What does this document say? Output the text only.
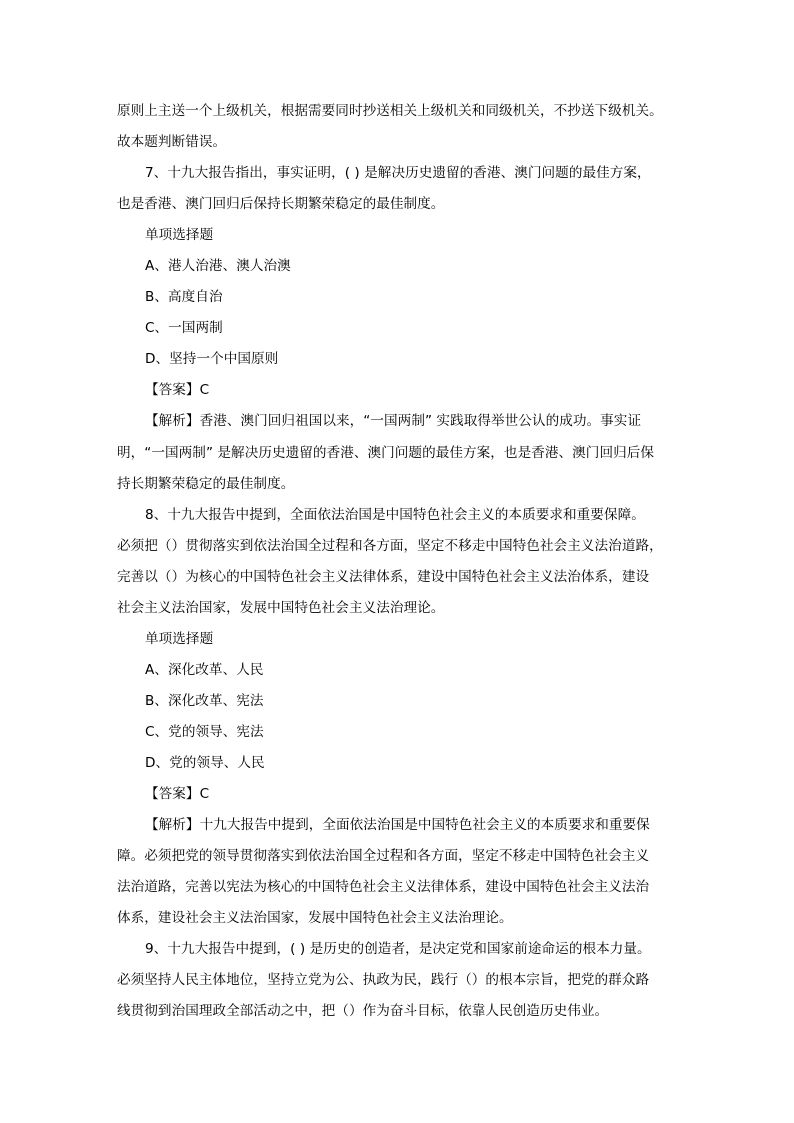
原则上主送一个上级机关，根据需要同时抄送相关上级机关和同级机关，不抄送下级机关。
故本题判断错误。
7、十九大报告指出，事实证明，( ) 是解决历史遗留的香港、澳门问题的最佳方案，
也是香港、澳门回归后保持长期繁荣稳定的最佳制度。
单项选择题
A、港人治港、澳人治澳
B、高度自治
C、一国两制
D、坚持一个中国原则
【答案】C
【解析】香港、澳门回归祖国以来，“一国两制” 实践取得举世公认的成功。事实证
明，“一国两制” 是解决历史遗留的香港、澳门问题的最佳方案，也是香港、澳门回归后保
持长期繁荣稳定的最佳制度。
8、十九大报告中提到，全面依法治国是中国特色社会主义的本质要求和重要保障。
必须把（）贯彻落实到依法治国全过程和各方面，坚定不移走中国特色社会主义法治道路，
完善以（）为核心的中国特色社会主义法律体系，建设中国特色社会主义法治体系，建设
社会主义法治国家，发展中国特色社会主义法治理论。
单项选择题
A、深化改革、人民
B、深化改革、宪法
C、党的领导、宪法
D、党的领导、人民
【答案】C
【解析】十九大报告中提到，全面依法治国是中国特色社会主义的本质要求和重要保
障。必须把党的领导贯彻落实到依法治国全过程和各方面，坚定不移走中国特色社会主义
法治道路，完善以宪法为核心的中国特色社会主义法律体系，建设中国特色社会主义法治
体系，建设社会主义法治国家，发展中国特色社会主义法治理论。
9、十九大报告中提到，( ) 是历史的创造者，是决定党和国家前途命运的根本力量。
必须坚持人民主体地位，坚持立党为公、执政为民，践行（）的根本宗旨，把党的群众路
线贯彻到治国理政全部活动之中，把（）作为奋斗目标，依靠人民创造历史伟业。
